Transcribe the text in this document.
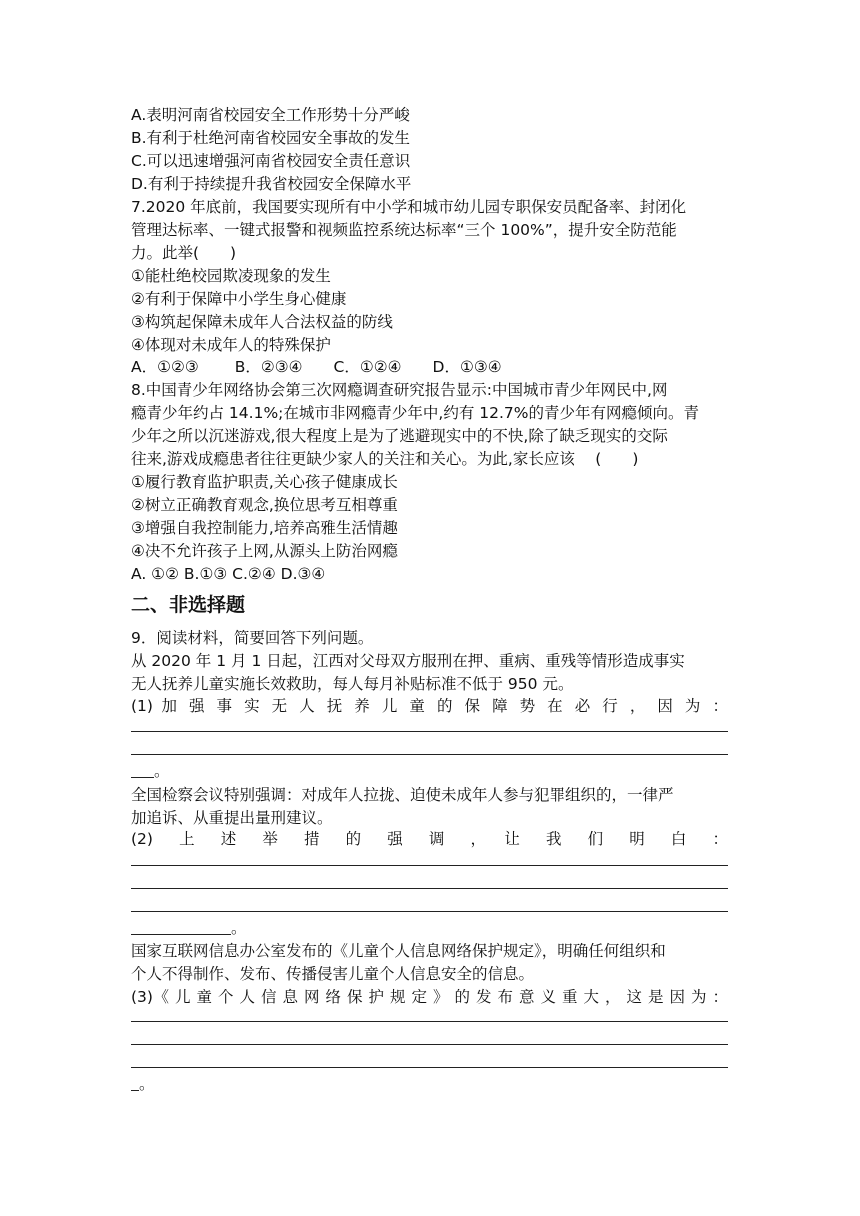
A.表明河南省校园安全工作形势十分严峻
B.有利于杜绝河南省校园安全事故的发生
C.可以迅速增强河南省校园安全责任意识
D.有利于持续提升我省校园安全保障水平
7.2020 年底前，我国要实现所有中小学和城市幼儿园专职保安员配备率、封闭化
管理达标率、一键式报警和视频监控系统达标率“三个 100%”，提升安全防范能
力。此举(　　)
①能杜绝校园欺凌现象的发生
②有利于保障中小学生身心健康
③构筑起保障未成年人合法权益的防线
④体现对未成年人的特殊保护
A．①②③　　 B．②③④　　C．①②④　　D．①③④
8.中国青少年网络协会第三次网瘾调查研究报告显示:中国城市青少年网民中,网
瘾青少年约占 14.1%;在城市非网瘾青少年中,约有 12.7%的青少年有网瘾倾向。青
少年之所以沉迷游戏,很大程度上是为了逃避现实中的不快,除了缺乏现实的交际
往来,游戏成瘾患者往往更缺少家人的关注和关心。为此,家长应该　 (　　)
①履行教育监护职责,关心孩子健康成长
②树立正确教育观念,换位思考互相尊重
③增强自我控制能力,培养高雅生活情趣
④决不允许孩子上网,从源头上防治网瘾
A. ①② B.①③ C.②④ D.③④
二、非选择题
9．阅读材料，简要回答下列问题。
从 2020 年 1 月 1 日起，江西对父母双方服刑在押、重病、重残等情形造成事实
无人抚养儿童实施长效救助，每人每月补贴标准不低于 950 元。
(1) 加 强 事 实 无 人 抚 养 儿 童 的 保 障 势 在 必 行 ， 因 为 ：
。
全国检察会议特别强调：对成年人拉拢、迫使未成年人参与犯罪组织的，一律严
加追诉、从重提出量刑建议。
(2)　上　述　举　措　的　强　调　，　让　我　们　明　白　：
。
国家互联网信息办公室发布的《儿童个人信息网络保护规定》，明确任何组织和
个人不得制作、发布、传播侵害儿童个人信息安全的信息。
(3)《 儿 童 个 人 信 息 网 络 保 护 规 定 》 的 发 布 意 义 重 大 ， 这 是 因 为 ：
。
